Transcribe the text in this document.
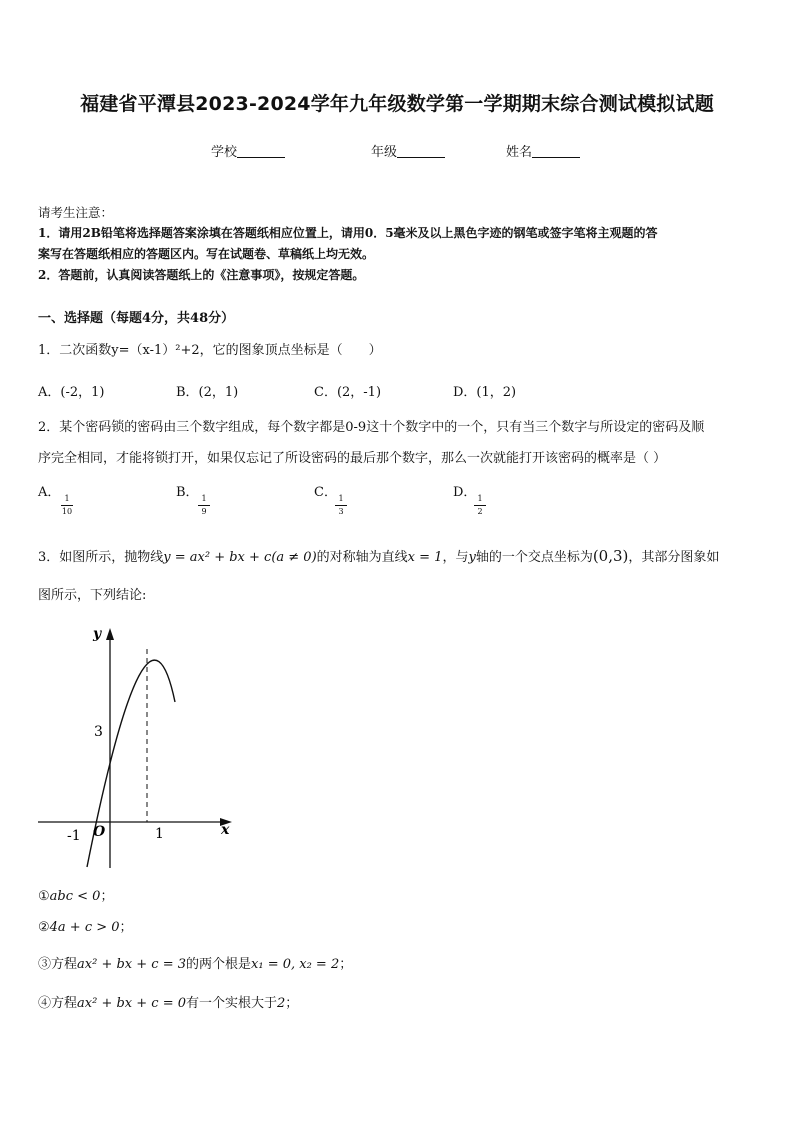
福建省平潭县2023-2024学年九年级数学第一学期期末综合测试模拟试题
学校	年级	姓名
请考生注意：
1．请用2B铅笔将选择题答案涂填在答题纸相应位置上，请用0．5毫米及以上黑色字迹的钢笔或签字笔将主观题的答
案写在答题纸相应的答题区内。写在试题卷、草稿纸上均无效。
2．答题前，认真阅读答题纸上的《注意事项》，按规定答题。
一、选择题（每题4分，共48分）
1．二次函数y=（x-1）²+2，它的图象顶点坐标是（　　）
A．(-2，1)	B．(2，1)	C．(2，-1)	D．(1，2)
2．某个密码锁的密码由三个数字组成，每个数字都是0-9这十个数字中的一个，只有当三个数字与所设定的密码及顺
序完全相同，才能将锁打开，如果仅忘记了所设密码的最后那个数字，那么一次就能打开该密码的概率是（ ）
A． 1
10
B． 1
9
C． 1
3
D． 1
2
3．如图所示，抛物线y = ax² + bx + c(a ≠ 0)的对称轴为直线x = 1，与y轴的一个交点坐标为(0,3)，其部分图象如
图所示，下列结论:
y
x
O
3
-1	1
①abc < 0；
②4a + c > 0；
③方程ax² + bx + c = 3的两个根是x₁ = 0, x₂ = 2；
④方程ax² + bx + c = 0有一个实根大于2；
